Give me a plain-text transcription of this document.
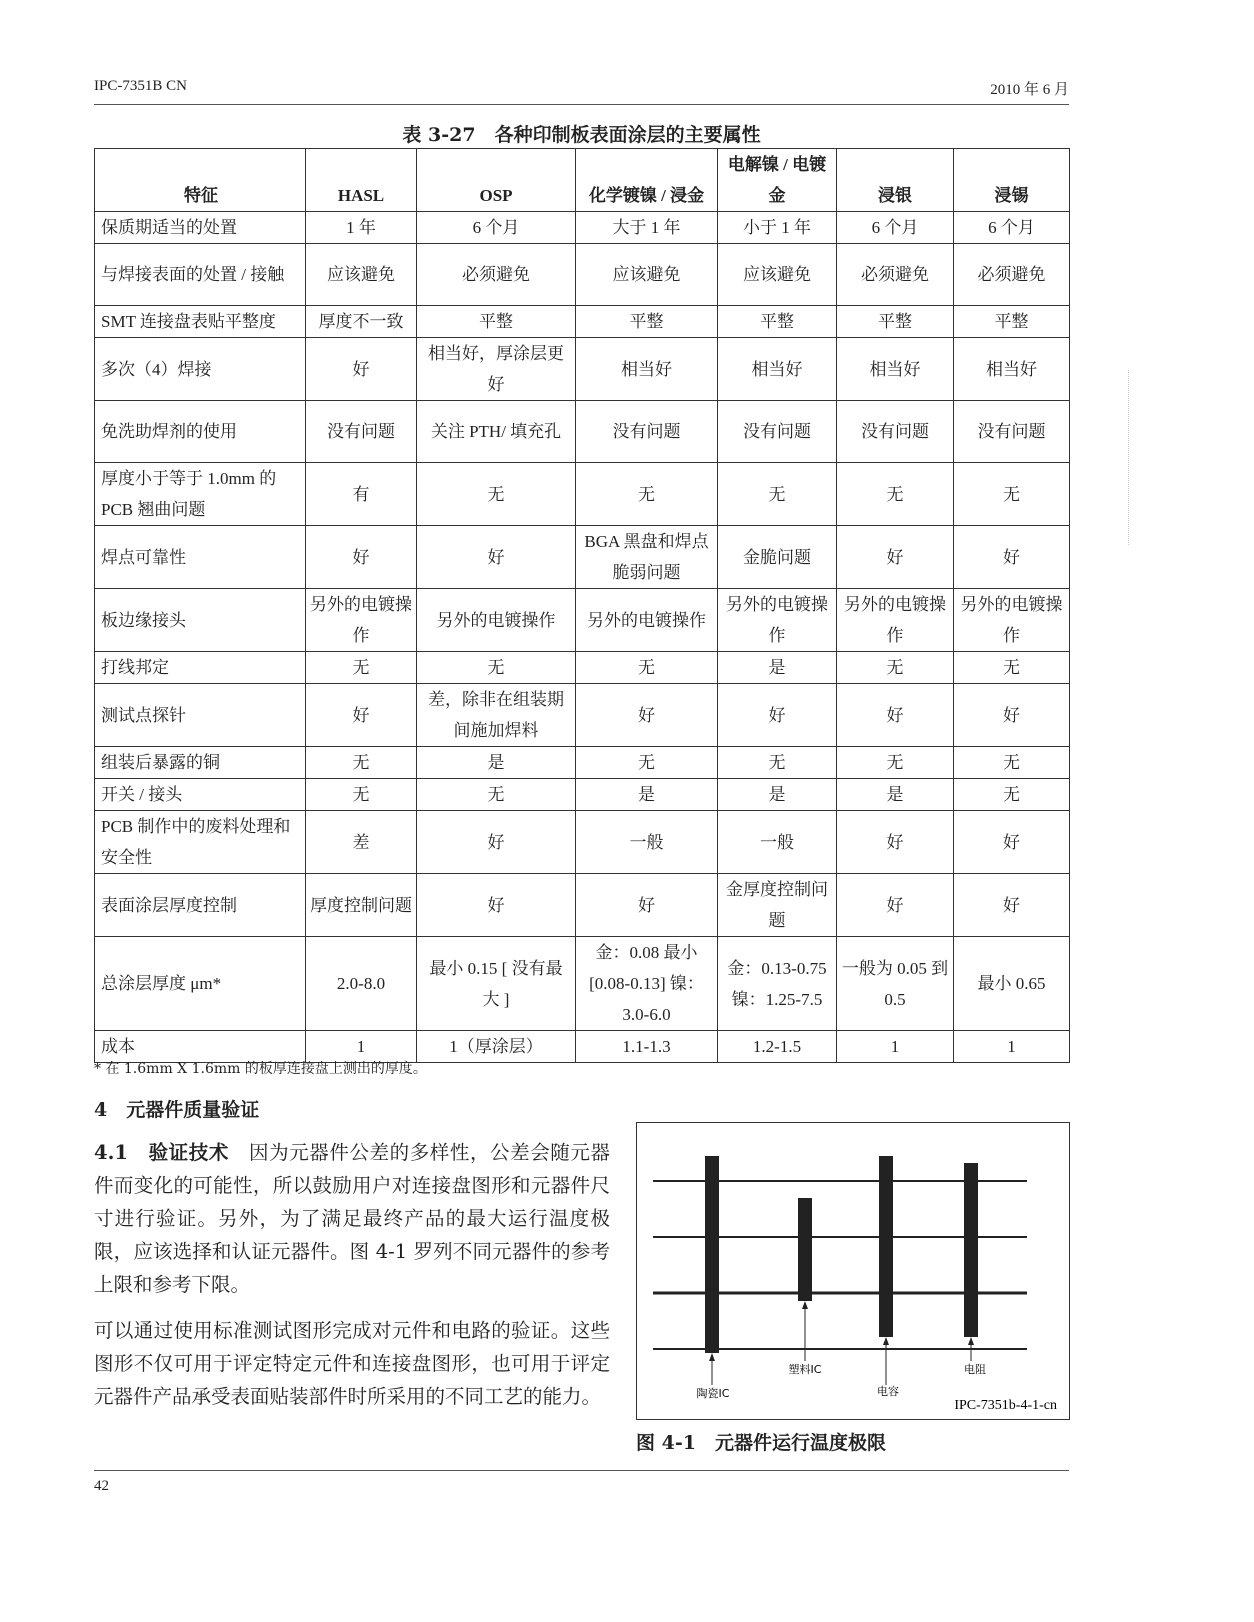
IPC-7351B CN	2010 年 6 月
表 3-27　各种印制板表面涂层的主要属性
特征	HASL	OSP	化学镀镍 / 浸金	电解镍 / 电镀金	浸银	浸锡
保质期适当的处置	1 年	6 个月	大于 1 年	小于 1 年	6 个月	6 个月
与焊接表面的处置 / 接触	应该避免	必须避免	应该避免	应该避免	必须避免	必须避免
SMT 连接盘表贴平整度	厚度不一致	平整	平整	平整	平整	平整
多次（4）焊接	好	相当好，厚涂层更好	相当好	相当好	相当好	相当好
免洗助焊剂的使用	没有问题	关注 PTH/ 填充孔	没有问题	没有问题	没有问题	没有问题
厚度小于等于 1.0mm 的 PCB 翘曲问题	有	无	无	无	无	无
焊点可靠性	好	好	BGA 黑盘和焊点脆弱问题	金脆问题	好	好
板边缘接头	另外的电镀操作	另外的电镀操作	另外的电镀操作	另外的电镀操作	另外的电镀操作	另外的电镀操作
打线邦定	无	无	无	是	无	无
测试点探针	好	差，除非在组装期间施加焊料	好	好	好	好
组装后暴露的铜	无	是	无	无	无	无
开关 / 接头	无	无	是	是	是	无
PCB 制作中的废料处理和安全性	差	好	一般	一般	好	好
表面涂层厚度控制	厚度控制问题	好	好	金厚度控制问题	好	好
总涂层厚度 μm*	2.0-8.0	最小 0.15 [ 没有最大 ]	金：0.08 最小 [0.08-0.13] 镍：3.0-6.0	金：0.13-0.75 镍：1.25-7.5	一般为 0.05 到 0.5	最小 0.65
成本	1	1（厚涂层）	1.1-1.3	1.2-1.5	1	1
* 在 1.6mm X 1.6mm 的板厚连接盘上测出的厚度。
4　元器件质量验证
4.1　验证技术　因为元器件公差的多样性，公差会随元器件而变化的可能性，所以鼓励用户对连接盘图形和元器件尺寸进行验证。另外，为了满足最终产品的最大运行温度极限，应该选择和认证元器件。图 4-1 罗列不同元器件的参考上限和参考下限。
可以通过使用标准测试图形完成对元件和电路的验证。这些图形不仅可用于评定特定元件和连接盘图形，也可用于评定元器件产品承受表面贴装部件时所采用的不同工艺的能力。	陶瓷IC
塑料IC
电容
电阻
IPC-7351b-4-1-cn
图 4-1　元器件运行温度极限
42
